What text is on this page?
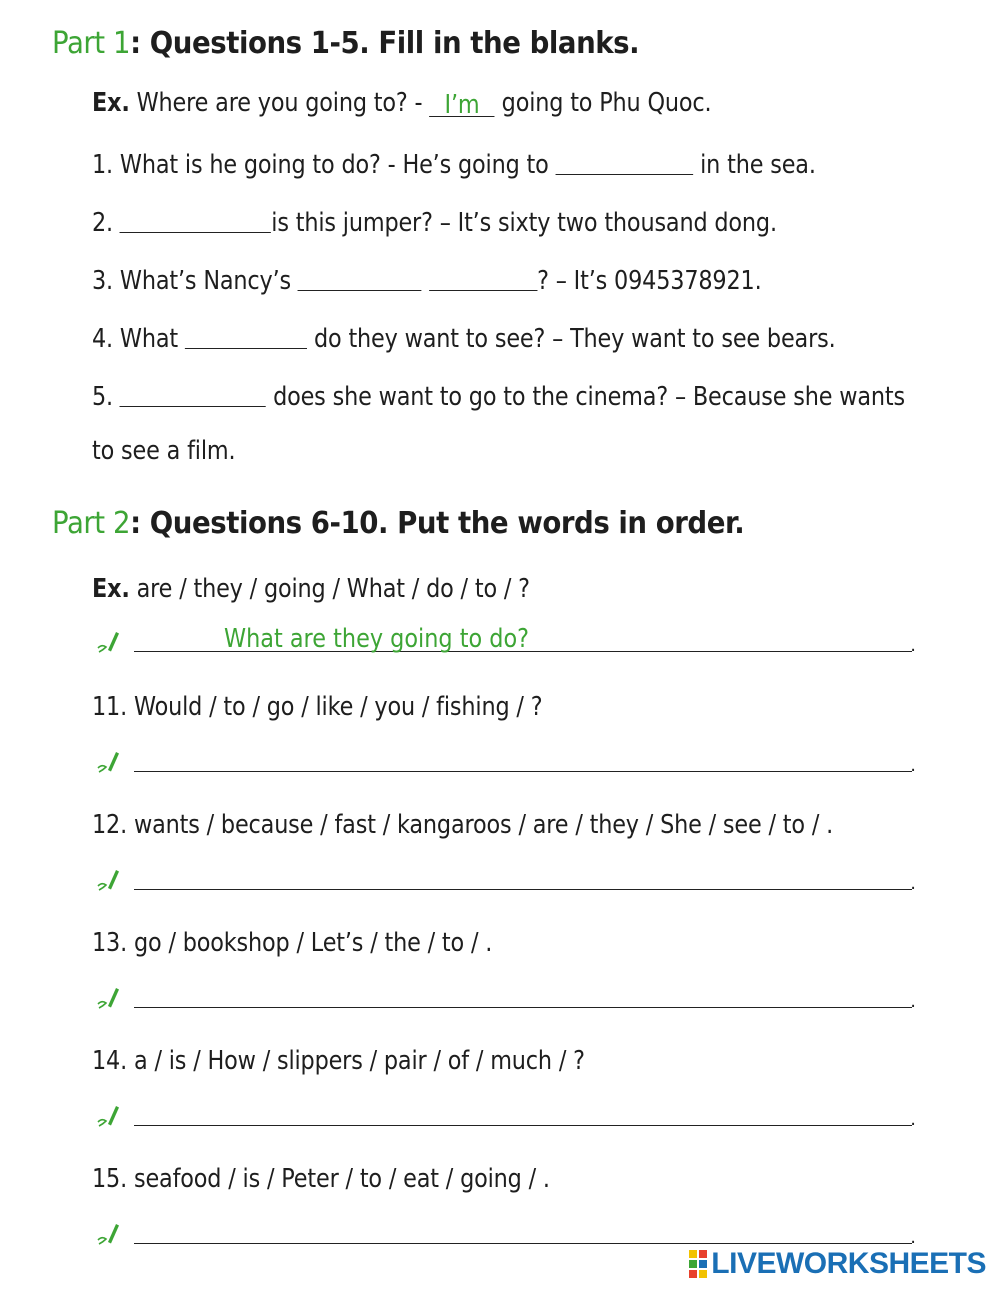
Part 1: Questions 1-5. Fill in the blanks.
Ex. Where are you going to? - I’m going to Phu Quoc.
1. What is he going to do? - He’s going to	in the sea.
2.	is this jumper? – It’s sixty two thousand dong.
3. What’s Nancy’s	? – It’s 0945378921.
4. What	do they want to see? – They want to see bears.
5.	does she want to go to the cinema? – Because she wants
to see a film.
Part 2: Questions 6-10. Put the words in order.
Ex. are / they / going / What / do / to / ?
What are they going to do?	.
11. Would / to / go / like / you / fishing / ?
.
12. wants / because / fast / kangaroos / are / they / She / see / to / .
.
13. go / bookshop / Let’s / the / to / .
.
14. a / is / How / slippers / pair / of / much / ?
.
15. seafood / is / Peter / to / eat / going / .
.
LIVEWORKSHEETS
